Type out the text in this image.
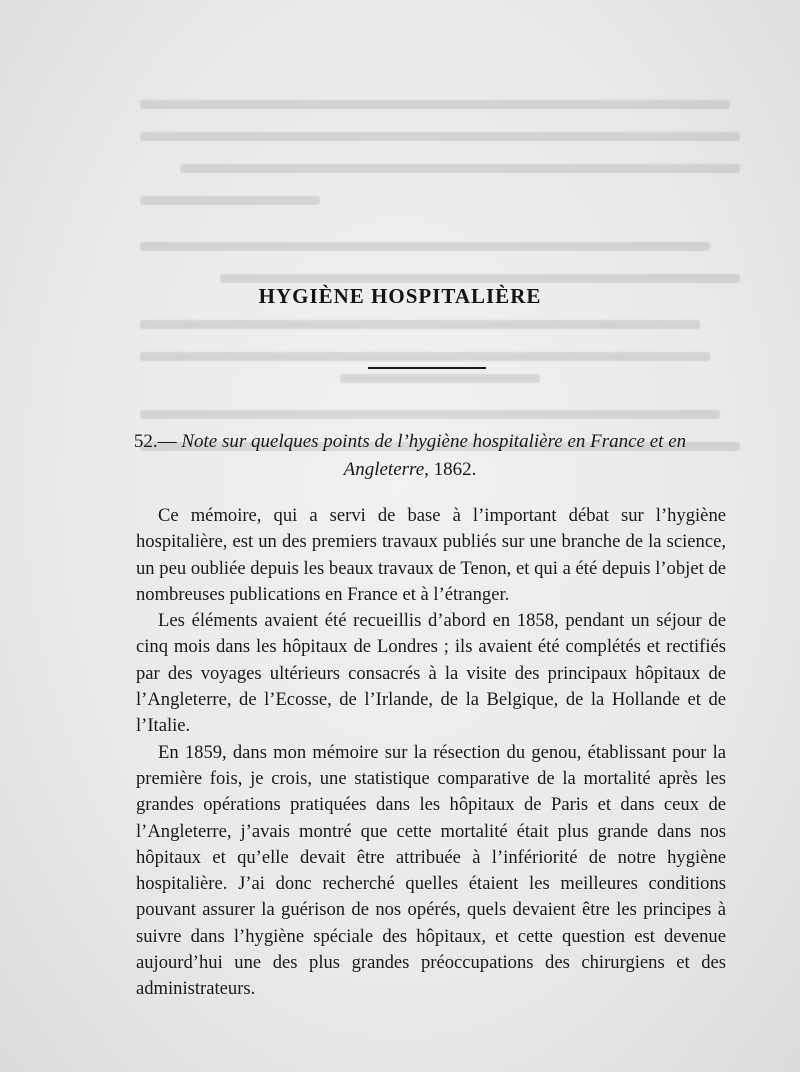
HYGIÈNE HOSPITALIÈRE
52.— Note sur quelques points de l’hygiène hospitalière en France et en Angleterre, 1862.

Ce mémoire, qui a servi de base à l’important débat sur l’hygiène hospitalière, est un des premiers travaux publiés sur une branche de la science, un peu oubliée depuis les beaux travaux de Tenon, et qui a été depuis l’objet de nombreuses publications en France et à l’étranger.

Les éléments avaient été recueillis d’abord en 1858, pendant un séjour de cinq mois dans les hôpitaux de Londres ; ils avaient été complétés et rectifiés par des voyages ultérieurs consacrés à la visite des principaux hôpitaux de l’Angleterre, de l’Ecosse, de l’Irlande, de la Belgique, de la Hollande et de l’Italie.

En 1859, dans mon mémoire sur la résection du genou, établissant pour la première fois, je crois, une statistique comparative de la mortalité après les grandes opérations pratiquées dans les hôpitaux de Paris et dans ceux de l’Angleterre, j’avais montré que cette mortalité était plus grande dans nos hôpitaux et qu’elle devait être attribuée à l’infériorité de notre hygiène hospitalière. J’ai donc recherché quelles étaient les meilleures conditions pouvant assurer la guérison de nos opérés, quels devaient être les principes à suivre dans l’hygiène spéciale des hôpitaux, et cette question est devenue aujourd’hui une des plus grandes préoccupations des chirurgiens et des administrateurs.
